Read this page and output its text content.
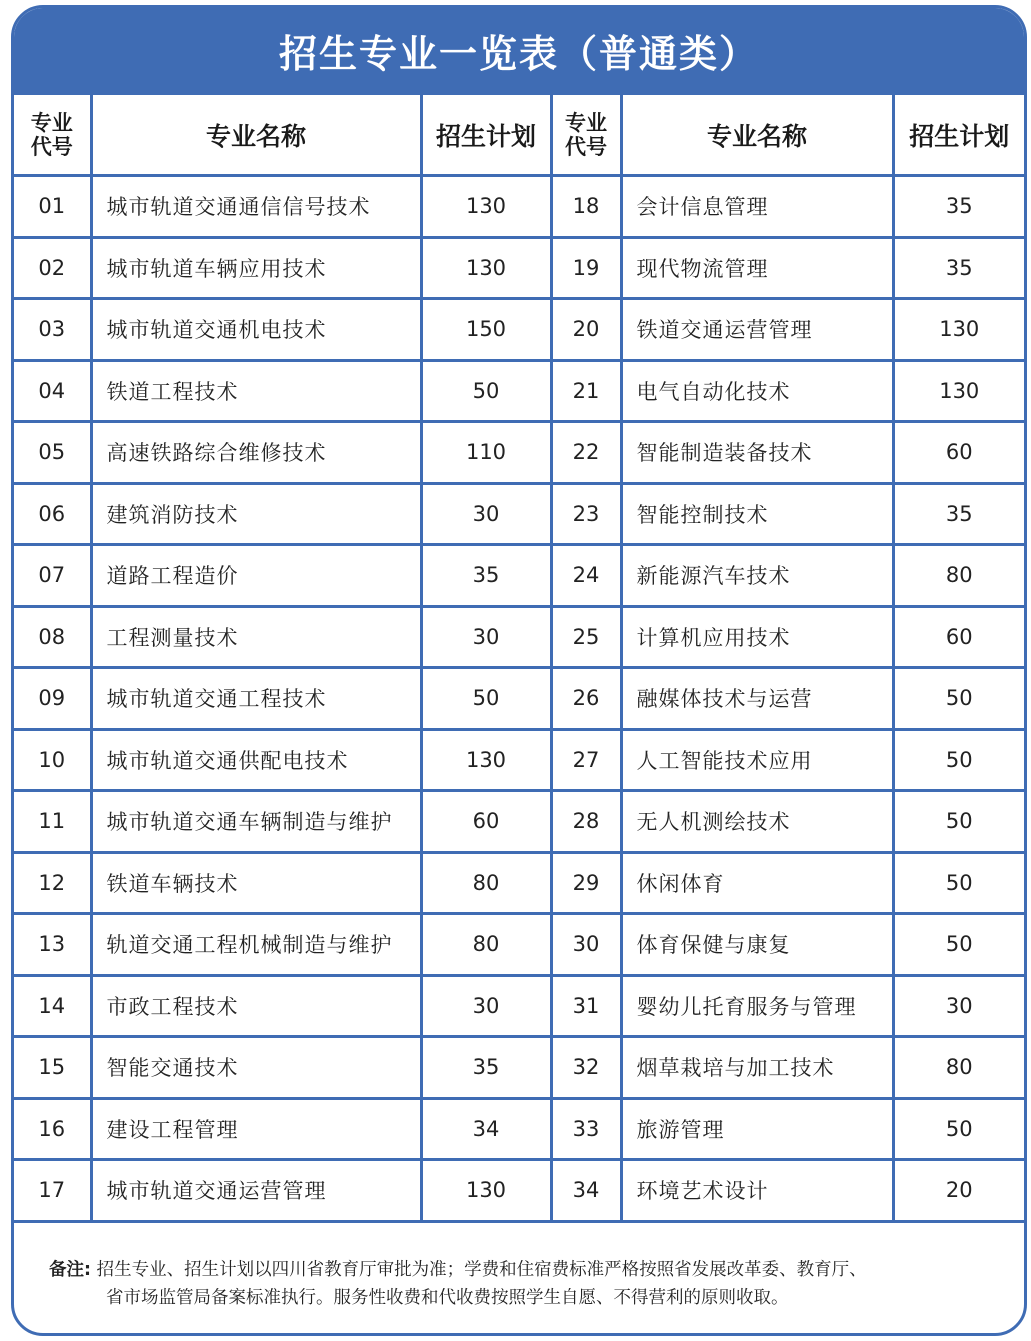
招生专业一览表（普通类）
专业代号	专业名称	招生计划	专业代号	专业名称	招生计划
01	城市轨道交通通信信号技术	130	18	会计信息管理	35
02	城市轨道车辆应用技术	130	19	现代物流管理	35
03	城市轨道交通机电技术	150	20	铁道交通运营管理	130
04	铁道工程技术	50	21	电气自动化技术	130
05	高速铁路综合维修技术	110	22	智能制造装备技术	60
06	建筑消防技术	30	23	智能控制技术	35
07	道路工程造价	35	24	新能源汽车技术	80
08	工程测量技术	30	25	计算机应用技术	60
09	城市轨道交通工程技术	50	26	融媒体技术与运营	50
10	城市轨道交通供配电技术	130	27	人工智能技术应用	50
11	城市轨道交通车辆制造与维护	60	28	无人机测绘技术	50
12	铁道车辆技术	80	29	休闲体育	50
13	轨道交通工程机械制造与维护	80	30	体育保健与康复	50
14	市政工程技术	30	31	婴幼儿托育服务与管理	30
15	智能交通技术	35	32	烟草栽培与加工技术	80
16	建设工程管理	34	33	旅游管理	50
17	城市轨道交通运营管理	130	34	环境艺术设计	20
备注: 招生专业、招生计划以四川省教育厅审批为准；学费和住宿费标准严格按照省发展改革委、教育厅、
省市场监管局备案标准执行。服务性收费和代收费按照学生自愿、不得营利的原则收取。
